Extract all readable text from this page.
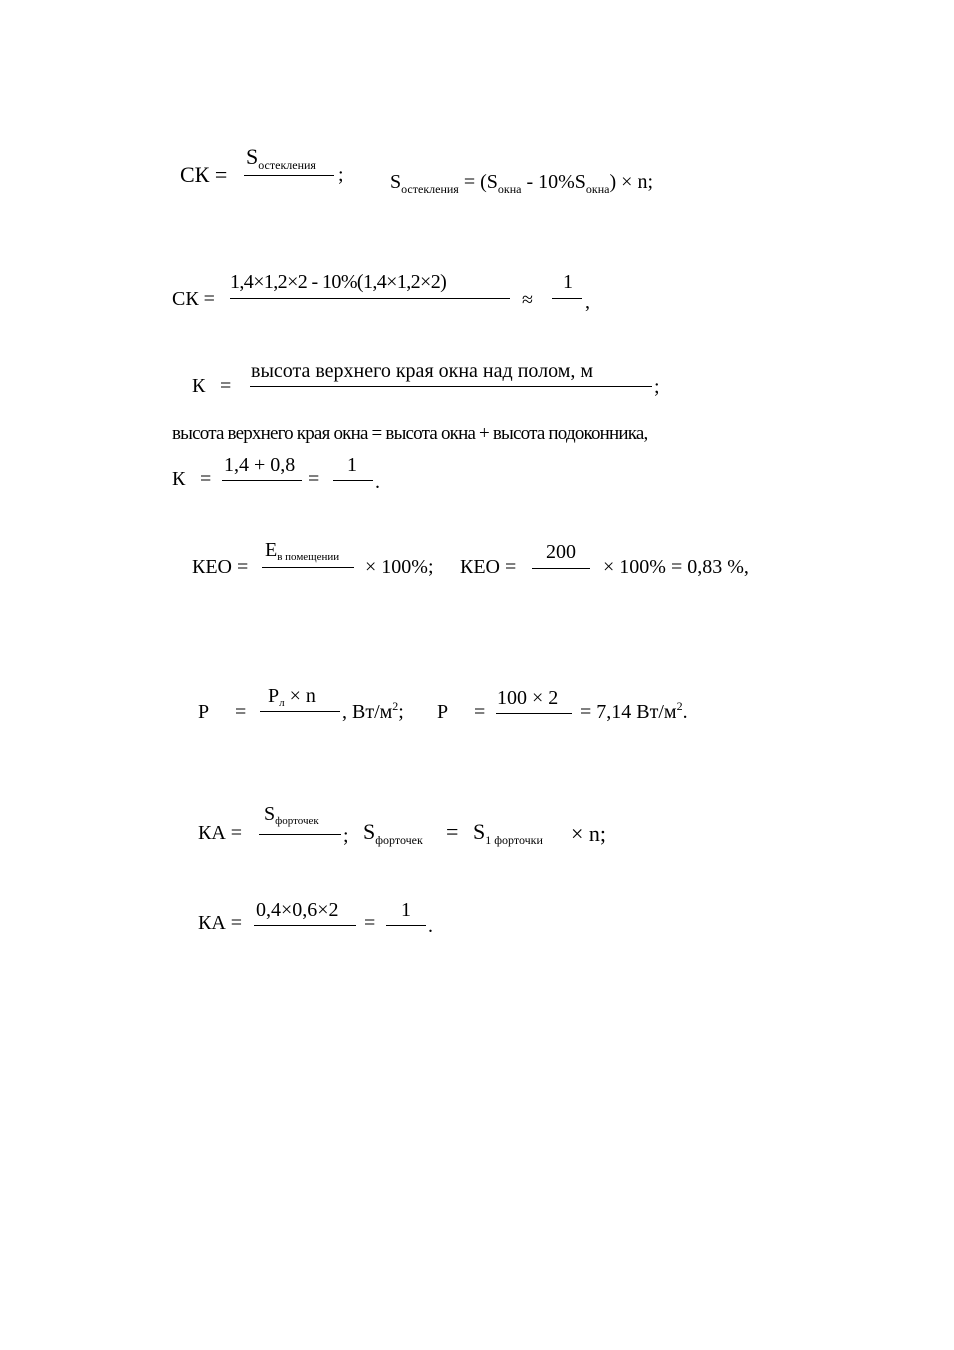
СК =
$S_{остекления}$ ; $S_{остекления} = (S_{окна} - 10\%S_{окна}) \times n$;
СК =
1,4×1,2×2 - 10%(1,4×1,2×2)
≈
1
,
К =
высота верхнего края окна над полом, м
;
высота верхнего края окна = высота окна + высота подоконника,
К =
1,4 + 0,8
=
1
.
КЕО =
$Е_{в помещении} \times 100\%$; КЕО =
200
× 100% = 0,83 %,
P =
$P_л \times n$
, $Вт/м^2$; P =
100 × 2
= 7,14 $Вт/м^2$.
КА =
$S_{форточек}$
; $S_{форточек} = S_{1 форточки} \times n$;
КА =
0,4×0,6×2
=
1
.
